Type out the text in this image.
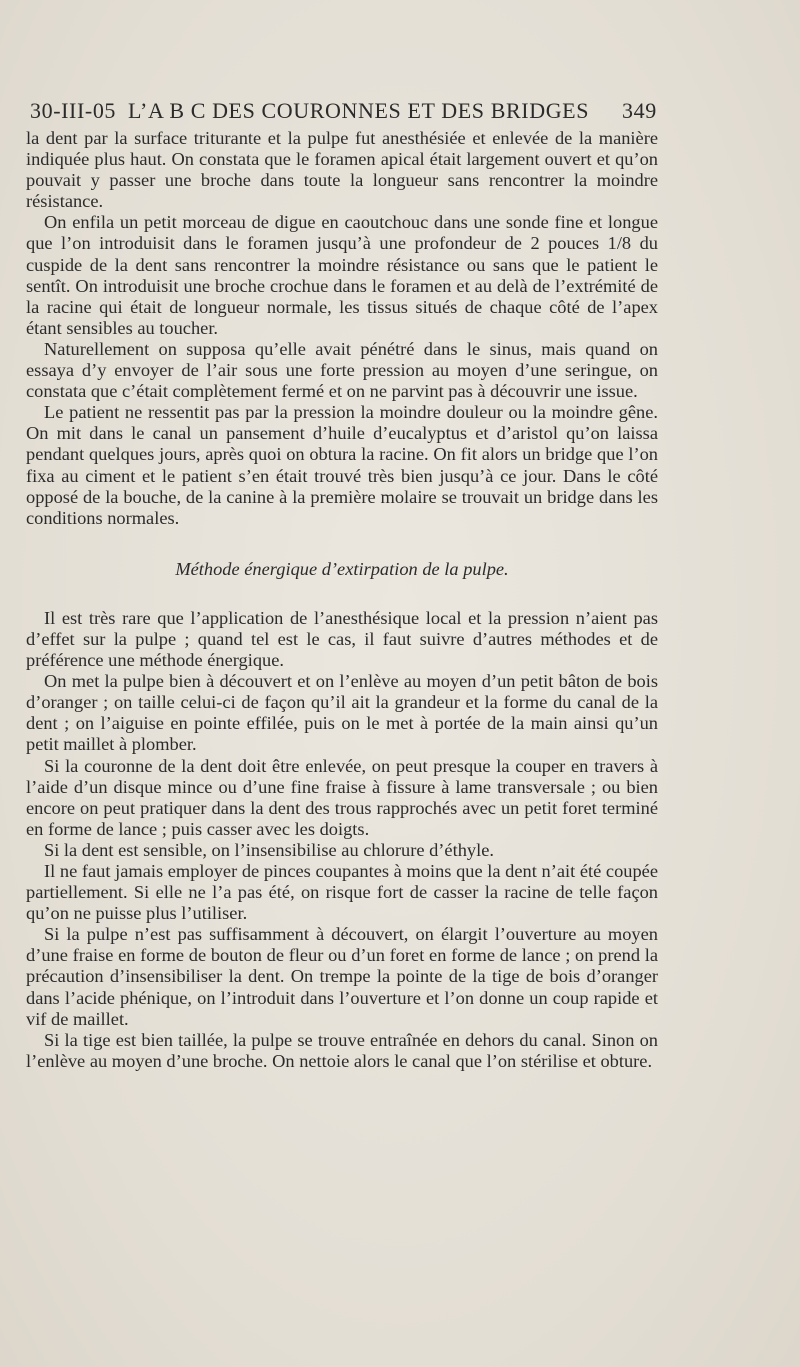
30-III-05 L’A B C DES COURONNES ET DES BRIDGES 349

la dent par la surface triturante et la pulpe fut anesthésiée et enlevée de la manière indiquée plus haut. On constata que le foramen apical était largement ouvert et qu’on pouvait y passer une broche dans toute la longueur sans rencontrer la moindre résistance.

On enfila un petit morceau de digue en caoutchouc dans une sonde fine et longue que l’on introduisit dans le foramen jusqu’à une profondeur de 2 pouces 1/8 du cuspide de la dent sans rencontrer la moindre résistance ou sans que le patient le sentît. On introduisit une broche crochue dans le foramen et au delà de l’extrémité de la racine qui était de longueur normale, les tissus situés de chaque côté de l’apex étant sensibles au toucher.

Naturellement on supposa qu’elle avait pénétré dans le sinus, mais quand on essaya d’y envoyer de l’air sous une forte pression au moyen d’une seringue, on constata que c’était complètement fermé et on ne parvint pas à découvrir une issue.

Le patient ne ressentit pas par la pression la moindre douleur ou la moindre gêne. On mit dans le canal un pansement d’huile d’eucalyptus et d’aristol qu’on laissa pendant quelques jours, après quoi on obtura la racine. On fit alors un bridge que l’on fixa au ciment et le patient s’en était trouvé très bien jusqu’à ce jour. Dans le côté opposé de la bouche, de la canine à la première molaire se trouvait un bridge dans les conditions normales.

Méthode énergique d’extirpation de la pulpe.

Il est très rare que l’application de l’anesthésique local et la pression n’aient pas d’effet sur la pulpe ; quand tel est le cas, il faut suivre d’autres méthodes et de préférence une méthode énergique.

On met la pulpe bien à découvert et on l’enlève au moyen d’un petit bâton de bois d’oranger ; on taille celui-ci de façon qu’il ait la grandeur et la forme du canal de la dent ; on l’aiguise en pointe effilée, puis on le met à portée de la main ainsi qu’un petit maillet à plomber.

Si la couronne de la dent doit être enlevée, on peut presque la couper en travers à l’aide d’un disque mince ou d’une fine fraise à fissure à lame transversale ; ou bien encore on peut pratiquer dans la dent des trous rapprochés avec un petit foret terminé en forme de lance ; puis casser avec les doigts.

Si la dent est sensible, on l’insensibilise au chlorure d’éthyle.

Il ne faut jamais employer de pinces coupantes à moins que la dent n’ait été coupée partiellement. Si elle ne l’a pas été, on risque fort de casser la racine de telle façon qu’on ne puisse plus l’utiliser.

Si la pulpe n’est pas suffisamment à découvert, on élargit l’ouverture au moyen d’une fraise en forme de bouton de fleur ou d’un foret en forme de lance ; on prend la précaution d’insensibiliser la dent. On trempe la pointe de la tige de bois d’oranger dans l’acide phénique, on l’introduit dans l’ouverture et l’on donne un coup rapide et vif de maillet.

Si la tige est bien taillée, la pulpe se trouve entraînée en dehors du canal. Sinon on l’enlève au moyen d’une broche. On nettoie alors le canal que l’on stérilise et obture.
